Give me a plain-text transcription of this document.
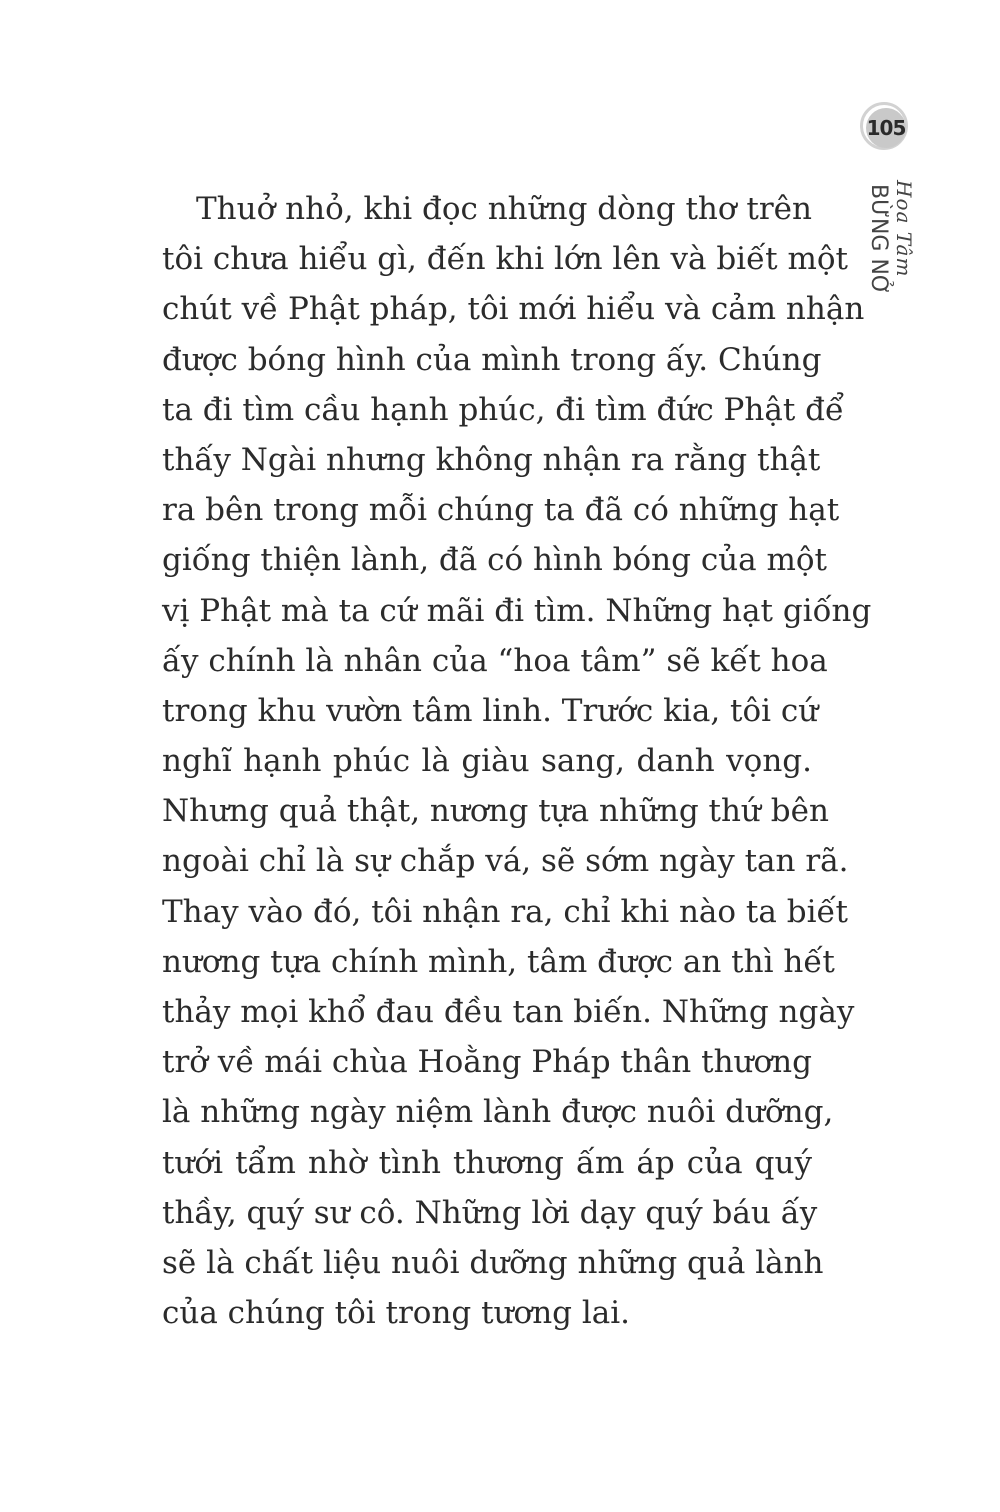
105
Hoa Tâm
BỪNG NỞ
Thuở nhỏ, khi đọc những dòng thơ trên
tôi chưa hiểu gì, đến khi lớn lên và biết một
chút về Phật pháp, tôi mới hiểu và cảm nhận
được bóng hình của mình trong ấy. Chúng
ta đi tìm cầu hạnh phúc, đi tìm đức Phật để
thấy Ngài nhưng không nhận ra rằng thật
ra bên trong mỗi chúng ta đã có những hạt
giống thiện lành, đã có hình bóng của một
vị Phật mà ta cứ mãi đi tìm. Những hạt giống
ấy chính là nhân của “hoa tâm” sẽ kết hoa
trong khu vườn tâm linh. Trước kia, tôi cứ
nghĩ hạnh phúc là giàu sang, danh vọng.
Nhưng quả thật, nương tựa những thứ bên
ngoài chỉ là sự chắp vá, sẽ sớm ngày tan rã.
Thay vào đó, tôi nhận ra, chỉ khi nào ta biết
nương tựa chính mình, tâm được an thì hết
thảy mọi khổ đau đều tan biến. Những ngày
trở về mái chùa Hoằng Pháp thân thương
là những ngày niệm lành được nuôi dưỡng,
tưới tẩm nhờ tình thương ấm áp của quý
thầy, quý sư cô. Những lời dạy quý báu ấy
sẽ là chất liệu nuôi dưỡng những quả lành
của chúng tôi trong tương lai.
